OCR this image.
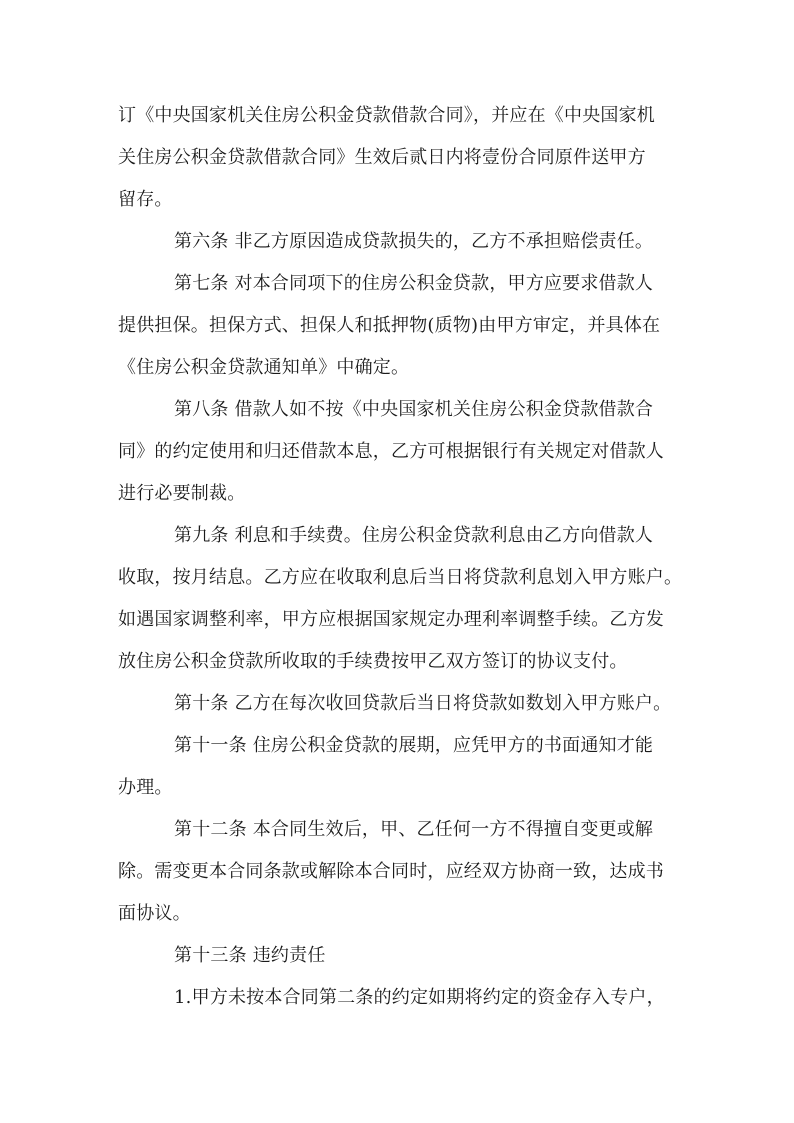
订《中央国家机关住房公积金贷款借款合同》，并应在《中央国家机
关住房公积金贷款借款合同》生效后贰日内将壹份合同原件送甲方
留存。
第六条 非乙方原因造成贷款损失的，乙方不承担赔偿责任。
第七条 对本合同项下的住房公积金贷款，甲方应要求借款人
提供担保。担保方式、担保人和抵押物(质物)由甲方审定，并具体在
《住房公积金贷款通知单》中确定。
第八条 借款人如不按《中央国家机关住房公积金贷款借款合
同》的约定使用和归还借款本息，乙方可根据银行有关规定对借款人
进行必要制裁。
第九条 利息和手续费。住房公积金贷款利息由乙方向借款人
收取，按月结息。乙方应在收取利息后当日将贷款利息划入甲方账户。
如遇国家调整利率，甲方应根据国家规定办理利率调整手续。乙方发
放住房公积金贷款所收取的手续费按甲乙双方签订的协议支付。
第十条 乙方在每次收回贷款后当日将贷款如数划入甲方账户。
第十一条 住房公积金贷款的展期，应凭甲方的书面通知才能
办理。
第十二条 本合同生效后，甲、乙任何一方不得擅自变更或解
除。需变更本合同条款或解除本合同时，应经双方协商一致，达成书
面协议。
第十三条 违约责任
1.甲方未按本合同第二条的约定如期将约定的资金存入专户，
